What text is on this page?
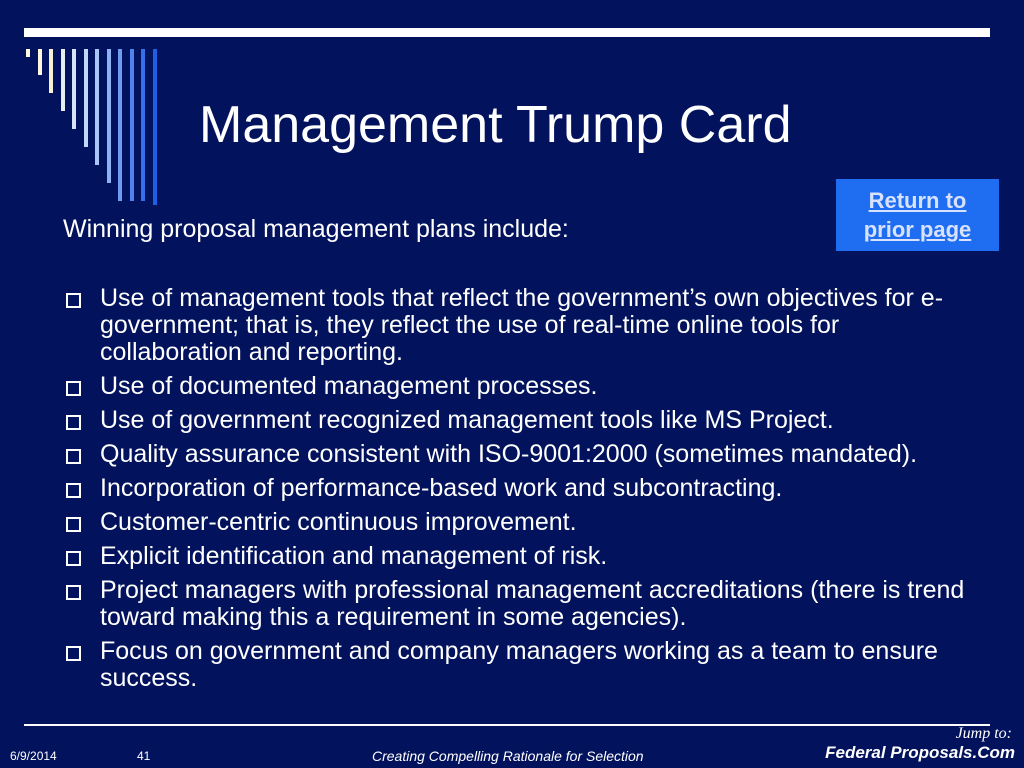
Management Trump Card
Return to
prior page
Winning proposal management plans include:
Use of management tools that reflect the government’s own objectives for e-government; that is, they reflect the use of real-time online tools for collaboration and reporting.
Use of documented management processes.
Use of government recognized management tools like MS Project.
Quality assurance consistent with ISO-9001:2000 (sometimes mandated).
Incorporation of performance-based work and subcontracting.
Customer-centric continuous improvement.
Explicit identification and management of risk.
Project managers with professional management accreditations (there is trend toward making this a requirement in some agencies).
Focus on government and company managers working as a team to ensure success.
6/9/2014	41	Creating Compelling Rationale for Selection
Jump to:
Federal Proposals.Com
